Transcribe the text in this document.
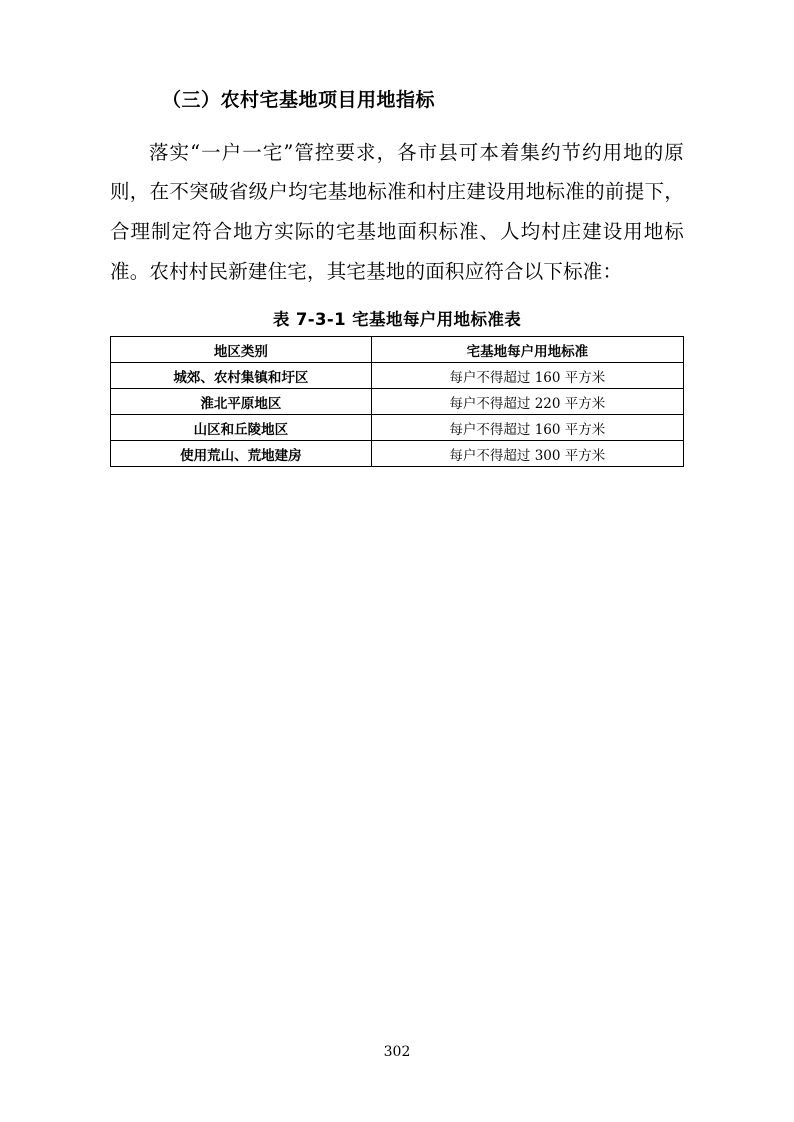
（三）农村宅基地项目用地指标

落实“一户一宅”管控要求，各市县可本着集约节约用地的原则，在不突破省级户均宅基地标准和村庄建设用地标准的前提下，合理制定符合地方实际的宅基地面积标准、人均村庄建设用地标准。农村村民新建住宅，其宅基地的面积应符合以下标准：

表 7-3-1 宅基地每户用地标准表
地区类别	宅基地每户用地标准
城郊、农村集镇和圩区	每户不得超过 160 平方米
淮北平原地区	每户不得超过 220 平方米
山区和丘陵地区	每户不得超过 160 平方米
使用荒山、荒地建房	每户不得超过 300 平方米
302
